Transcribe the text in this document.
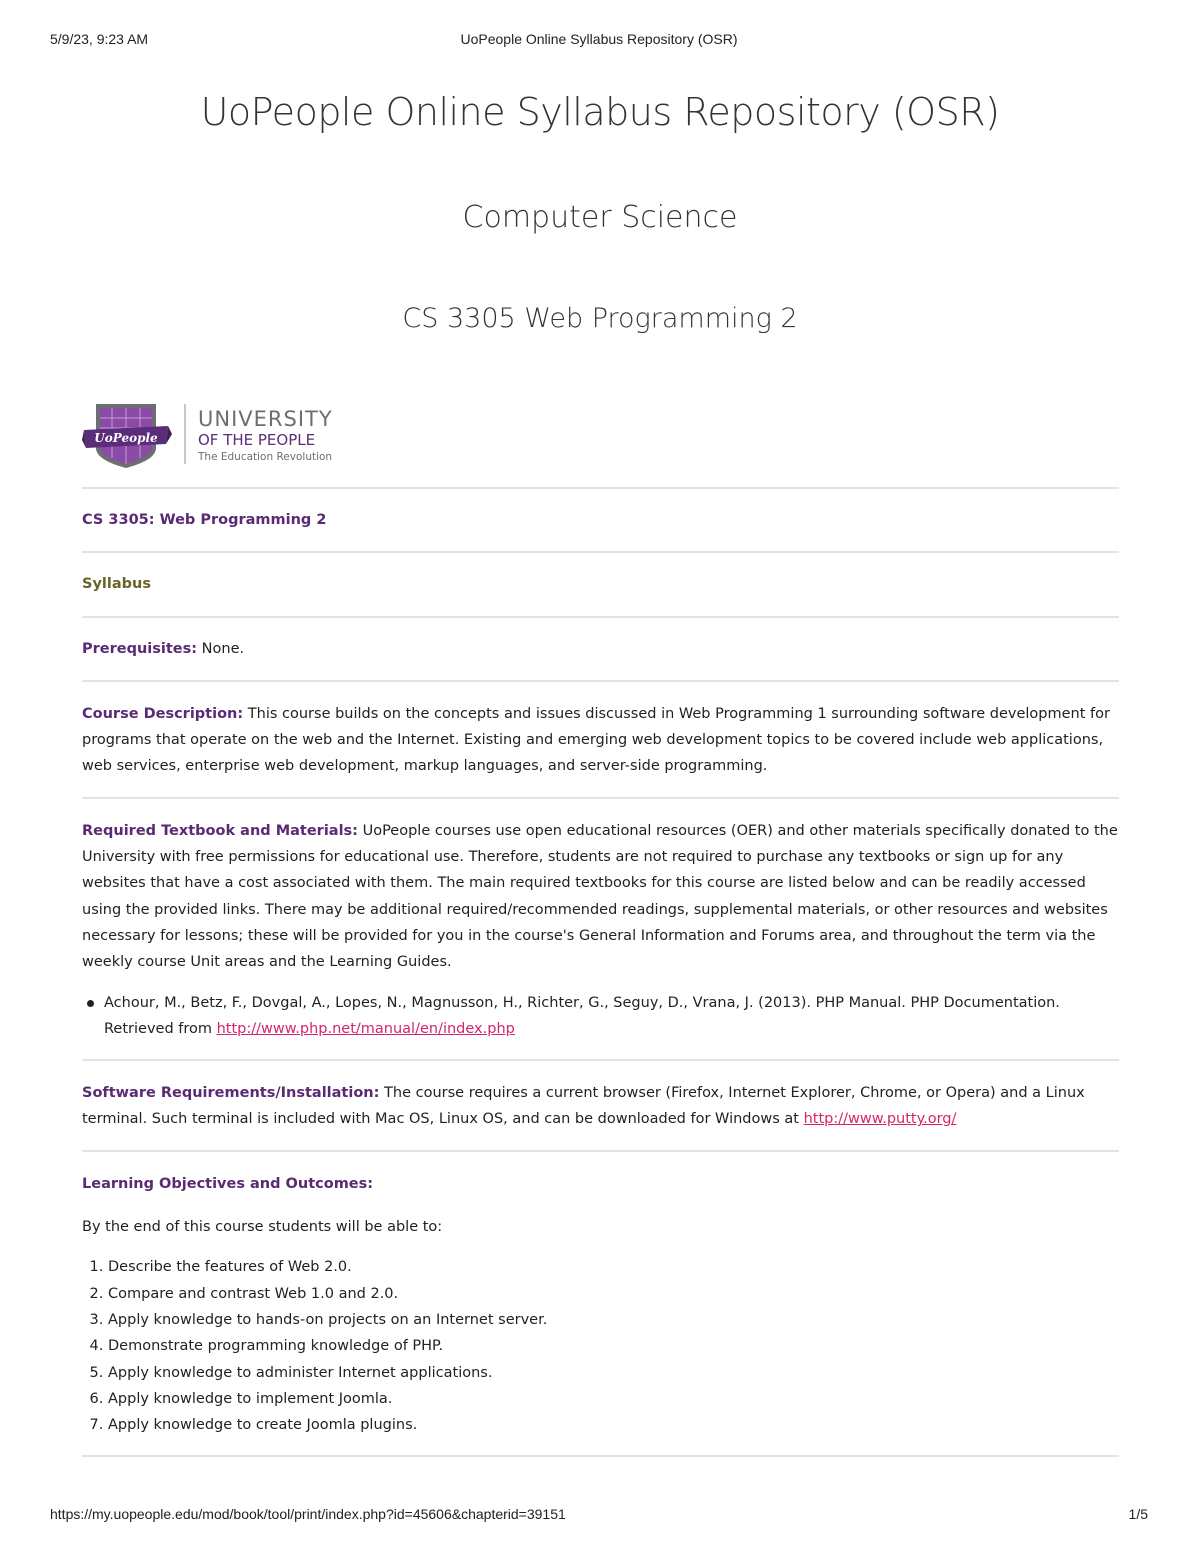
5/9/23, 9:23 AM	UoPeople Online Syllabus Repository (OSR)
UoPeople Online Syllabus Repository (OSR)
Computer Science
CS 3305 Web Programming 2
UoPeople
UNIVERSITY
OF THE PEOPLE
The Education Revolution
CS 3305: Web Programming 2
Syllabus
Prerequisites: None.
Course Description: This course builds on the concepts and issues discussed in Web Programming 1 surrounding software development for programs that operate on the web and the Internet. Existing and emerging web development topics to be covered include web applications, web services, enterprise web development, markup languages, and server-side programming.
Required Textbook and Materials: UoPeople courses use open educational resources (OER) and other materials specifically donated to the University with free permissions for educational use. Therefore, students are not required to purchase any textbooks or sign up for any websites that have a cost associated with them. The main required textbooks for this course are listed below and can be readily accessed using the provided links. There may be additional required/recommended readings, supplemental materials, or other resources and websites necessary for lessons; these will be provided for you in the course's General Information and Forums area, and throughout the term via the weekly course Unit areas and the Learning Guides.
Achour, M., Betz, F., Dovgal, A., Lopes, N., Magnusson, H., Richter, G., Seguy, D., Vrana, J. (2013). PHP Manual. PHP Documentation. Retrieved from http://www.php.net/manual/en/index.php
Software Requirements/Installation: The course requires a current browser (Firefox, Internet Explorer, Chrome, or Opera) and a Linux terminal. Such terminal is included with Mac OS, Linux OS, and can be downloaded for Windows at http://www.putty.org/
Learning Objectives and Outcomes:
By the end of this course students will be able to:
1. Describe the features of Web 2.0.
2. Compare and contrast Web 1.0 and 2.0.
3. Apply knowledge to hands-on projects on an Internet server.
4. Demonstrate programming knowledge of PHP.
5. Apply knowledge to administer Internet applications.
6. Apply knowledge to implement Joomla.
7. Apply knowledge to create Joomla plugins.
https://my.uopeople.edu/mod/book/tool/print/index.php?id=45606&chapterid=39151	1/5
